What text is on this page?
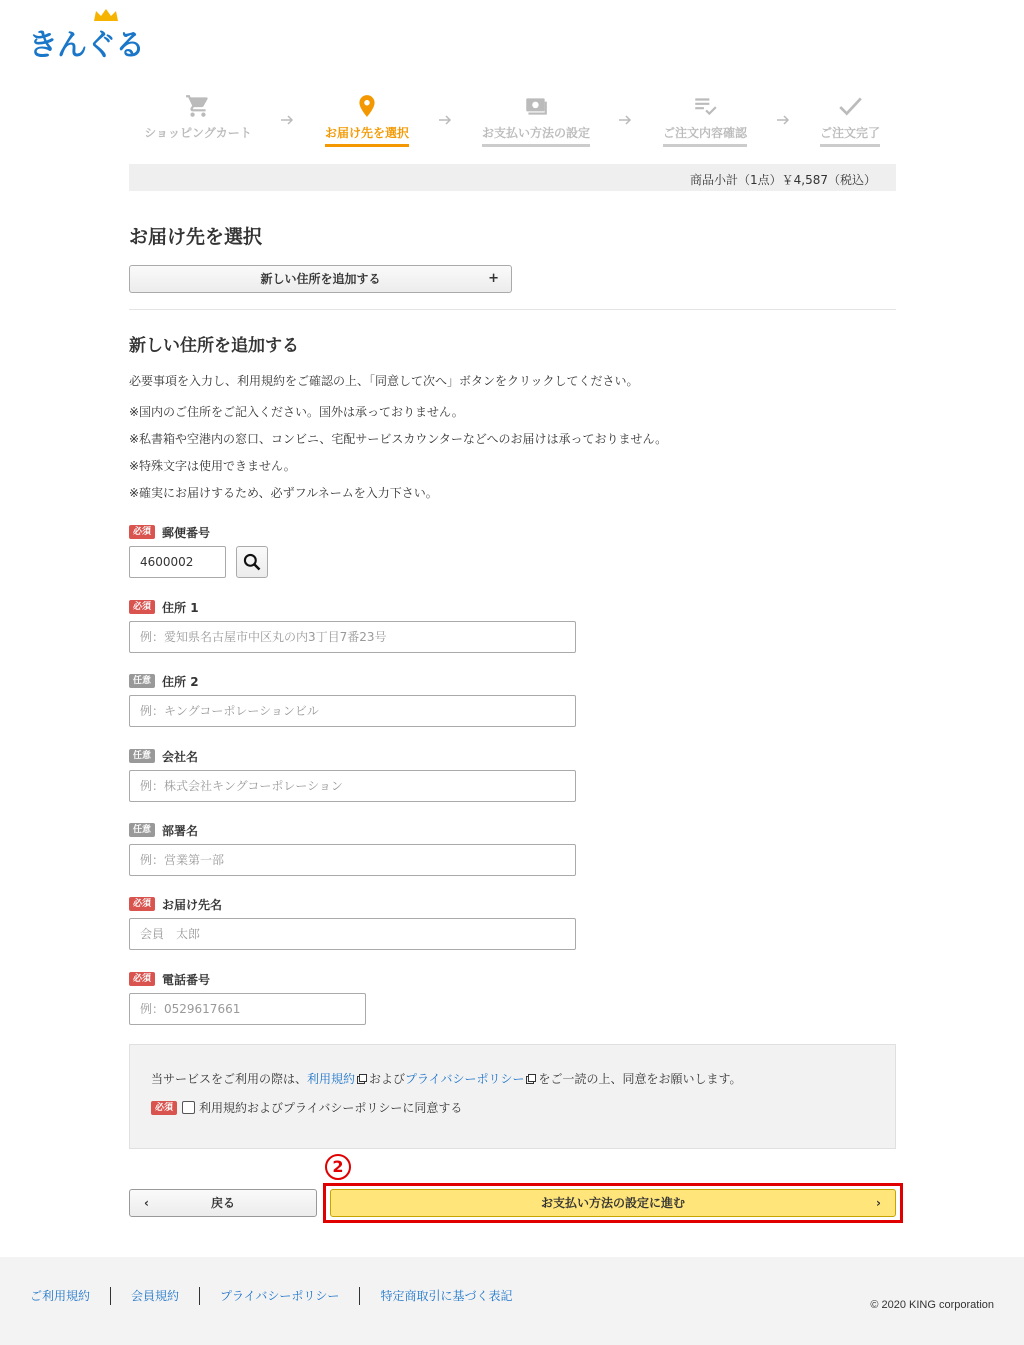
きんぐる
ショッピングカート	お届け先を選択	お支払い方法の設定	ご注文内容確認	ご注文完了
商品小計（1点）￥4,587（税込）
お届け先を選択
新しい住所を追加する	+
新しい住所を追加する

必要事項を入力し、利用規約をご確認の上、「同意して次へ」ボタンをクリックしてください。

※国内のご住所をご記入ください。国外は承っておりません。
※私書箱や空港内の窓口、コンビニ、宅配サービスカウンターなどへのお届けは承っておりません。
※特殊文字は使用できません。
※確実にお届けするため、必ずフルネームを入力下さい。
必須 郵便番号
4600002
必須 住所 1
例：愛知県名古屋市中区丸の内3丁目7番23号
任意 住所 2
例：キングコーポレーションビル
任意 会社名
例：株式会社キングコーポレーション
任意 部署名
例：営業第一部
必須 お届け先名
会員　太郎
必須 電話番号
例：0529617661
当サービスをご利用の際は、利用規約 およびプライバシーポリシー をご一読の上、同意をお願いします。
必須	利用規約およびプライバシーポリシーに同意する
2
‹	戻る	お支払い方法の設定に進む	›
ご利用規約	会員規約	プライバシーポリシー	特定商取引に基づく表記
© 2020 KING corporation
